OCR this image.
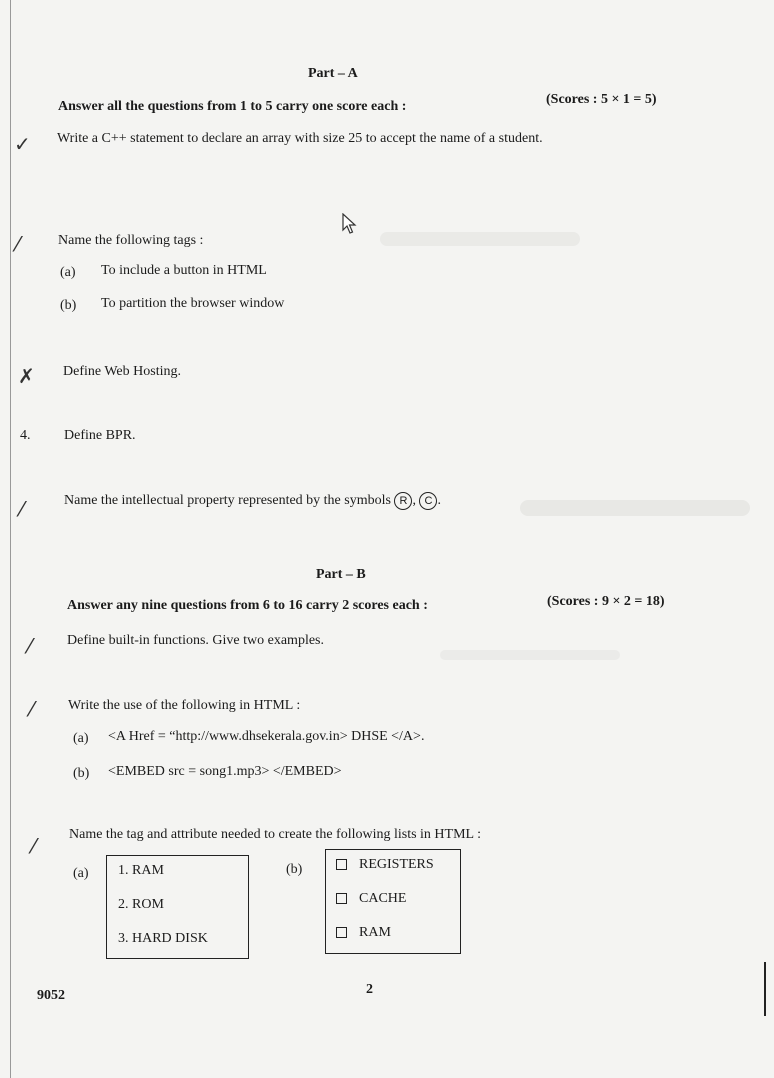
Part – A
Answer all the questions from 1 to 5 carry one score each :	(Scores : 5 × 1 = 5)
✓ Write a C++ statement to declare an array with size 25 to accept the name of a student.
⁄	Name the following tags :
(a) To include a button in HTML
(b) To partition the browser window
✗ Define Web Hosting.
4. Define BPR.
⁄	Name the intellectual property represented by the symbols R , C .
Part – B
Answer any nine questions from 6 to 16 carry 2 scores each :	(Scores : 9 × 2 = 18)
⁄	Define built-in functions. Give two examples.
⁄ Write the use of the following in HTML :
(a) <A Href = “http://www.dhsekerala.gov.in> DHSE </A>.
(b) <EMBED src = song1.mp3> </EMBED>
⁄ Name the tag and attribute needed to create the following lists in HTML :
(a) 1. RAM
2. ROM
3. HARD DISK
(b)	REGISTERS
CACHE
RAM
9052	2
